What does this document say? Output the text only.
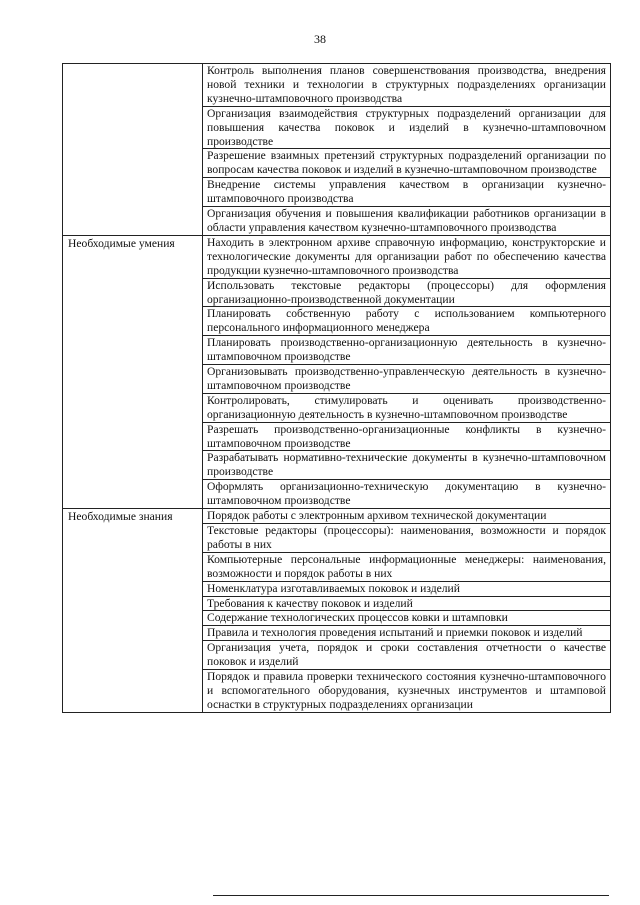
38
	Контроль выполнения планов совершенствования производства, внедрения новой техники и технологии в структурных подразделениях организации кузнечно-штамповочного производства
	Организация взаимодействия структурных подразделений организации для повышения качества поковок и изделий в кузнечно-штамповочном производстве
	Разрешение взаимных претензий структурных подразделений организации по вопросам качества поковок и изделий в кузнечно-штамповочном производстве
	Внедрение системы управления качеством в организации кузнечно-штамповочного производства
	Организация обучения и повышения квалификации работников организации в области управления качеством кузнечно-штамповочного производства
Необходимые умения	Находить в электронном архиве справочную информацию, конструкторские и технологические документы для организации работ по обеспечению качества продукции кузнечно-штамповочного производства
	Использовать текстовые редакторы (процессоры) для оформления организационно-производственной документации
	Планировать собственную работу с использованием компьютерного персонального информационного менеджера
	Планировать производственно-организационную деятельность в кузнечно-штамповочном производстве
	Организовывать производственно-управленческую деятельность в кузнечно-штамповочном производстве
	Контролировать, стимулировать и оценивать производственно-организационную деятельность в кузнечно-штамповочном производстве
	Разрешать производственно-организационные конфликты в кузнечно-штамповочном производстве
	Разрабатывать нормативно-технические документы в кузнечно-штамповочном производстве
	Оформлять организационно-техническую документацию в кузнечно-штамповочном производстве
Необходимые знания	Порядок работы с электронным архивом технической документации
	Текстовые редакторы (процессоры): наименования, возможности и порядок работы в них
	Компьютерные персональные информационные менеджеры: наименования, возможности и порядок работы в них
	Номенклатура изготавливаемых поковок и изделий
	Требования к качеству поковок и изделий
	Содержание технологических процессов ковки и штамповки
	Правила и технология проведения испытаний и приемки поковок и изделий
	Организация учета, порядок и сроки составления отчетности о качестве поковок и изделий
	Порядок и правила проверки технического состояния кузнечно-штамповочного и вспомогательного оборудования, кузнечных инструментов и штамповой оснастки в структурных подразделениях организации
